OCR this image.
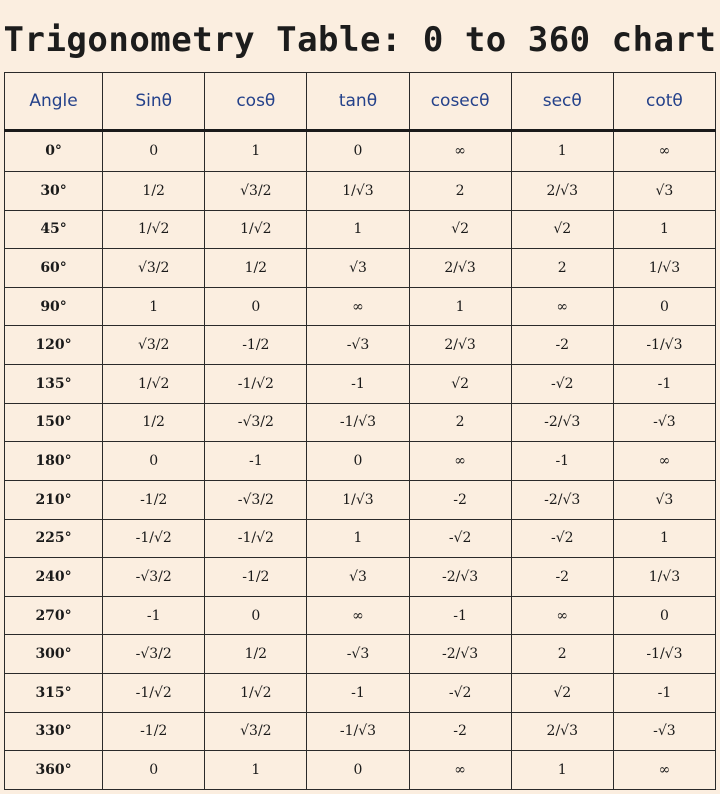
Trigonometry Table: 0 to 360 chart
Angle	Sinθ	cosθ	tanθ	cosecθ	secθ	cotθ
0°	0	1	0	∞	1	∞
30°	1/2	√3/2	1/√3	2	2/√3	√3
45°	1/√2	1/√2	1	√2	√2	1
60°	√3/2	1/2	√3	2/√3	2	1/√3
90°	1	0	∞	1	∞	0
120°	√3/2	-1/2	-√3	2/√3	-2	-1/√3
135°	1/√2	-1/√2	-1	√2	-√2	-1
150°	1/2	-√3/2	-1/√3	2	-2/√3	-√3
180°	0	-1	0	∞	-1	∞
210°	-1/2	-√3/2	1/√3	-2	-2/√3	√3
225°	-1/√2	-1/√2	1	-√2	-√2	1
240°	-√3/2	-1/2	√3	-2/√3	-2	1/√3
270°	-1	0	∞	-1	∞	0
300°	-√3/2	1/2	-√3	-2/√3	2	-1/√3
315°	-1/√2	1/√2	-1	-√2	√2	-1
330°	-1/2	√3/2	-1/√3	-2	2/√3	-√3
360°	0	1	0	∞	1	∞
